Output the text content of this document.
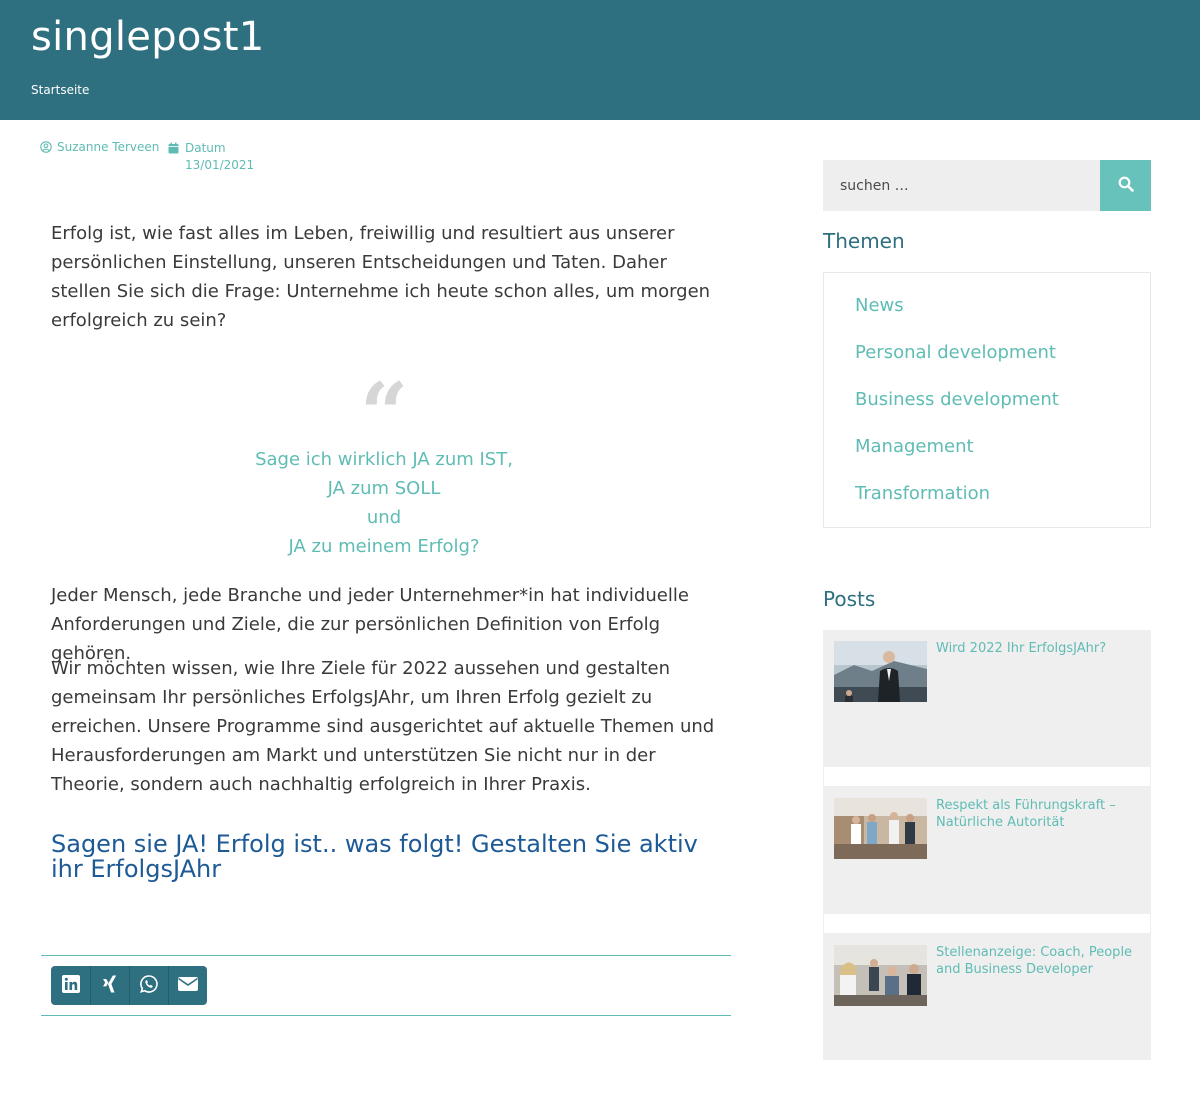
singlepost1
Startseite
Suzanne Terveen Datum
13/01/2021
Erfolg ist, wie fast alles im Leben, freiwillig und resultiert aus unserer persönlichen Einstellung, unseren Entscheidungen und Taten. Daher stellen Sie sich die Frage: Unternehme ich heute schon alles, um morgen erfolgreich zu sein?
“
Sage ich wirklich JA zum IST,
JA zum SOLL
und
JA zu meinem Erfolg?
Jeder Mensch, jede Branche und jeder Unternehmer*in hat individuelle Anforderungen und Ziele, die zur persönlichen Definition von Erfolg gehören.
Wir möchten wissen, wie Ihre Ziele für 2022 aussehen und gestalten gemeinsam Ihr persönliches ErfolgsJAhr, um Ihren Erfolg gezielt zu erreichen. Unsere Programme sind ausgerichtet auf aktuelle Themen und Herausforderungen am Markt und unterstützen Sie nicht nur in der Theorie, sondern auch nachhaltig erfolgreich in Ihrer Praxis.
Sagen sie JA! Erfolg ist.. was folgt! Gestalten Sie aktiv ihr ErfolgsJAhr
suchen …
Themen
News
Personal development
Business development
Management
Transformation
Posts
Wird 2022 Ihr ErfolgsJAhr?
Respekt als Führungskraft – Natürliche Autorität
Stellenanzeige: Coach, People and Business Developer
